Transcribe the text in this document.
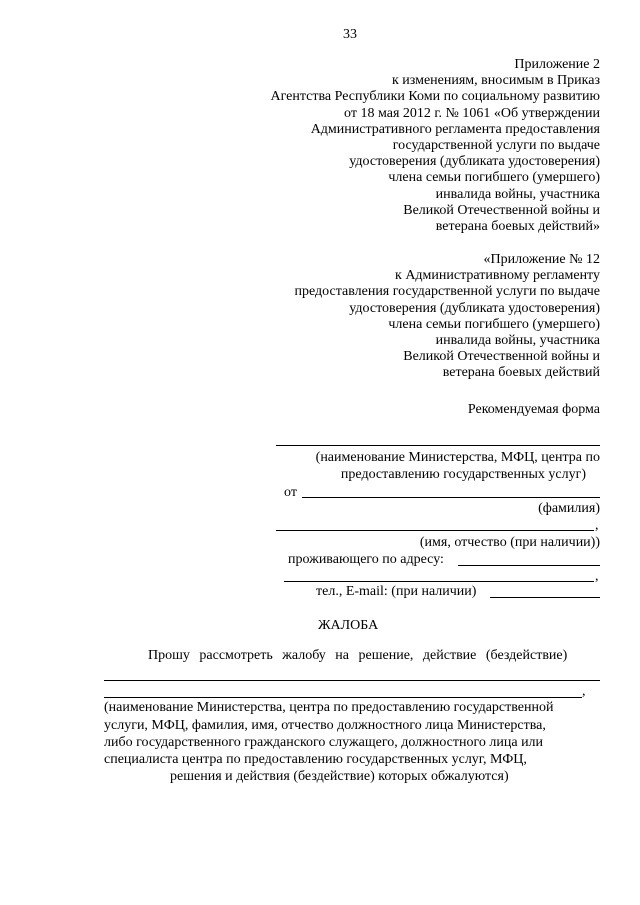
33
Приложение 2
к изменениям, вносимым в Приказ
Агентства Республики Коми по социальному развитию
от 18 мая 2012 г. № 1061 «Об утверждении
Административного регламента предоставления
государственной услуги по выдаче
удостоверения (дубликата удостоверения)
члена семьи погибшего (умершего)
инвалида войны, участника
Великой Отечественной войны и
ветерана боевых действий»
«Приложение № 12
к Административному регламенту
предоставления государственной услуги по выдаче
удостоверения (дубликата удостоверения)
члена семьи погибшего (умершего)
инвалида войны, участника
Великой Отечественной войны и
ветерана боевых действий
Рекомендуемая форма
(наименование Министерства, МФЦ, центра по
предоставлению государственных услуг)
от
(фамилия)
,
(имя, отчество (при наличии))
проживающего по адресу:
,
тел., E-mail: (при наличии)
ЖАЛОБА
Прошу рассмотреть жалобу на решение, действие (бездействие)
,
(наименование Министерства, центра по предоставлению государственной
услуги, МФЦ, фамилия, имя, отчество должностного лица Министерства,
либо государственного гражданского служащего, должностного лица или
специалиста центра по предоставлению государственных услуг, МФЦ,
решения и действия (бездействие) которых обжалуются)
